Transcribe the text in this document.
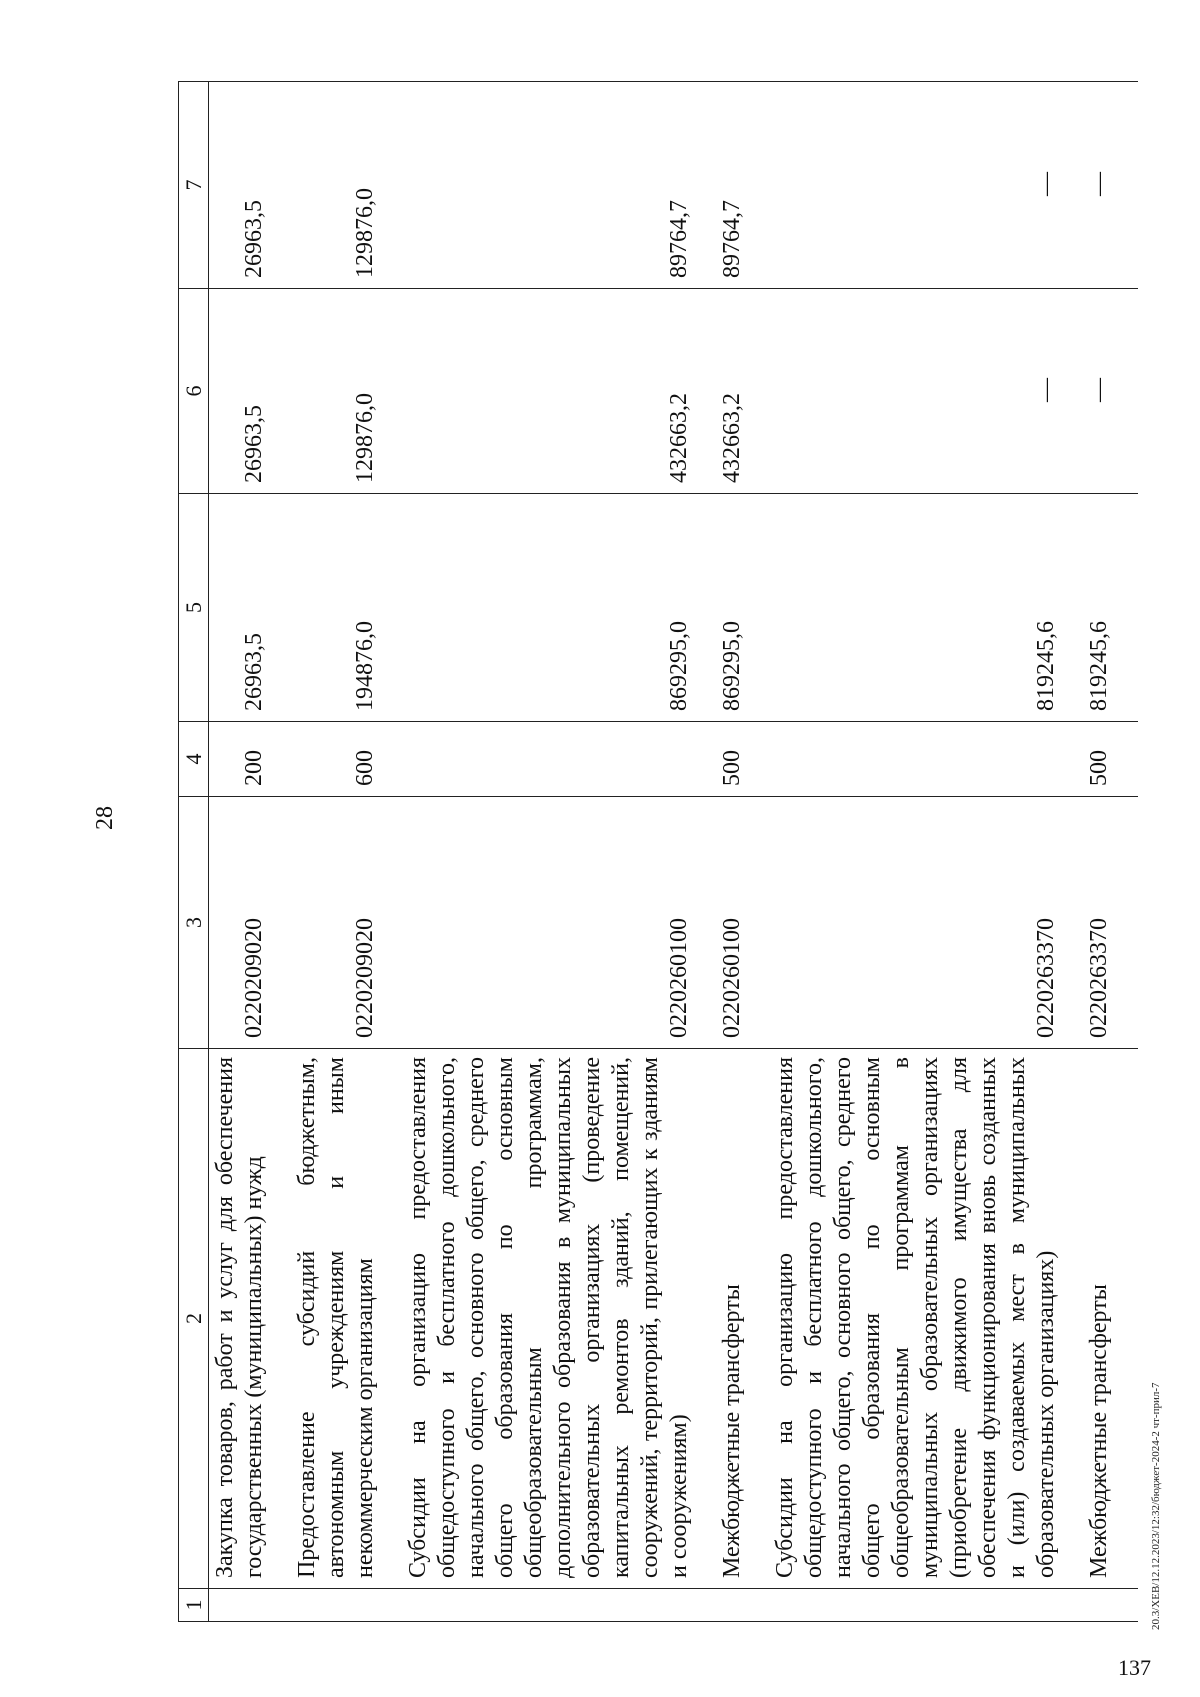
28
1	2	3	4	5	6	7
	Закупка товаров, работ и услуг для обеспечения государственных (муниципальных) нужд	0220209020	200	26963,5	26963,5	26963,5
	Предоставление субсидий бюджетным, автономным учреждениям и иным некоммерческим организациям	0220209020	600	194876,0	129876,0	129876,0
	Субсидии на организацию предоставления общедоступного и бесплатного дошкольного, начального общего, основного общего, среднего общего образования по основным общеобразовательным программам, дополнительного образования в муниципальных образовательных организациях (проведение капитальных ремонтов зданий, помещений, сооружений, территорий, прилегающих к зданиям и сооружениям)	0220260100		869295,0	432663,2	89764,7
	Межбюджетные трансферты	0220260100	500	869295,0	432663,2	89764,7
	Субсидии на организацию предоставления общедоступного и бесплатного дошкольного, начального общего, основного общего, среднего общего образования по основным общеобразовательным программам в муниципальных образовательных организациях (приобретение движимого имущества для обеспечения функционирования вновь созданных и (или) создаваемых мест в муниципальных образовательных организациях)	0220263370		819245,6	—	—
	Межбюджетные трансферты	0220263370	500	819245,6	—	—
20.3/ХЕВ/12.12.2023/12:32/бюджет-2024-2 чт-прил-7
137
